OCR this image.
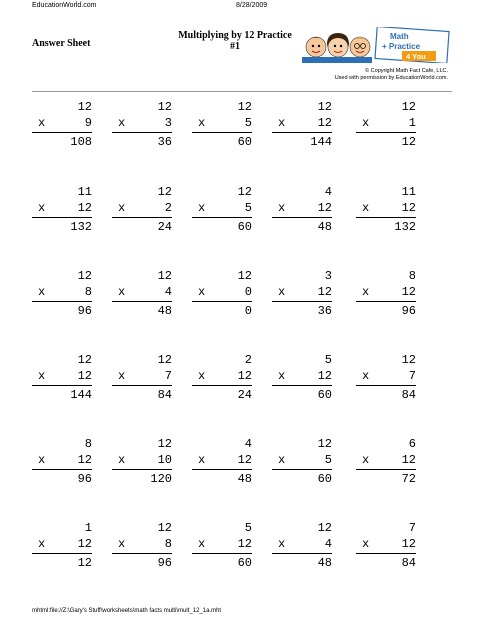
EducationWorld.com	8/28/2009
Answer Sheet
Multiplying by 12 Practice
#1
Math
+ Practice
4 You
© Copyright Math Fact Cafe, LLC.
Used with permission by EducationWorld.com.
12
x	9
108
12
x	3
36
12
x	5
60
12
x	12
144
12
x	1
12
11
x	12
132
12
x	2
24
12
x	5
60
4
x	12
48
11
x	12
132
12
x	8
96
12
x	4
48
12
x	0
0
3
x	12
36
8
x	12
96
12
x	12
144
12
x	7
84
2
x	12
24
5
x	12
60
12
x	7
84
8
x	12
96
12
x	10
120
4
x	12
48
12
x	5
60
6
x	12
72
1
x	12
12
12
x	8
96
5
x	12
60
12
x	4
48
7
x	12
84
mhtml:file://Z:\Gary's Stuff\worksheets\math facts multi\mult_12_1a.mht
